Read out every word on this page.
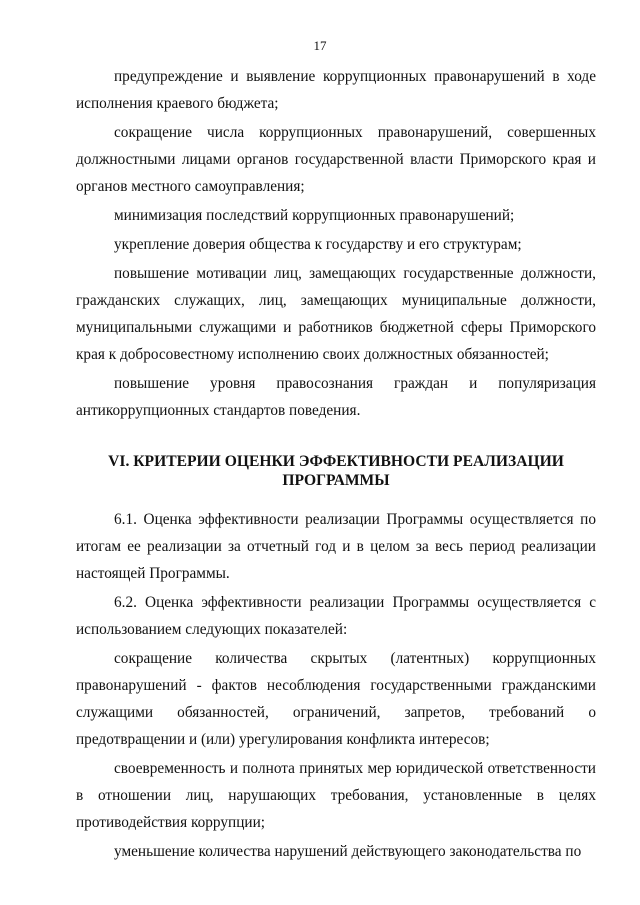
17

предупреждение и выявление коррупционных правонарушений в ходе исполнения краевого бюджета;

сокращение числа коррупционных правонарушений, совершенных должностными лицами органов государственной власти Приморского края и органов местного самоуправления;

минимизация последствий коррупционных правонарушений;

укрепление доверия общества к государству и его структурам;

повышение мотивации лиц, замещающих государственные должности, гражданских служащих, лиц, замещающих муниципальные должности, муниципальными служащими и работников бюджетной сферы Приморского края к добросовестному исполнению своих должностных обязанностей;

повышение уровня правосознания граждан и популяризация антикоррупционных стандартов поведения.

VI. КРИТЕРИИ ОЦЕНКИ ЭФФЕКТИВНОСТИ РЕАЛИЗАЦИИ
ПРОГРАММЫ

6.1. Оценка эффективности реализации Программы осуществляется по итогам ее реализации за отчетный год и в целом за весь период реализации настоящей Программы.

6.2. Оценка эффективности реализации Программы осуществляется с использованием следующих показателей:

сокращение количества скрытых (латентных) коррупционных правонарушений - фактов несоблюдения государственными гражданскими служащими обязанностей, ограничений, запретов, требований о предотвращении и (или) урегулирования конфликта интересов;

своевременность и полнота принятых мер юридической ответственности в отношении лиц, нарушающих требования, установленные в целях противодействия коррупции;

уменьшение количества нарушений действующего законодательства по
